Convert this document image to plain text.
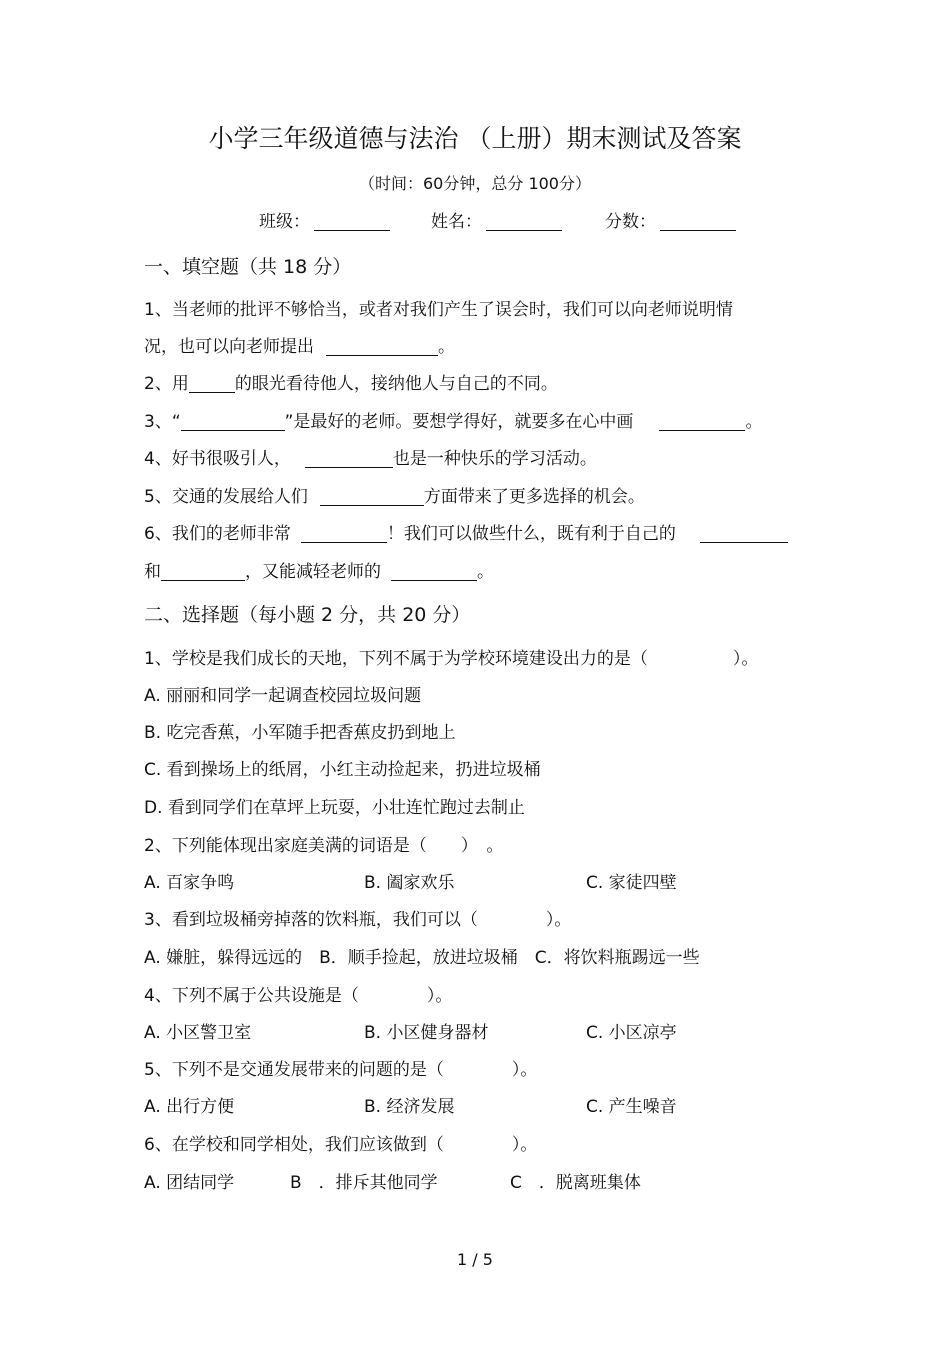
小学三年级道德与法治 （上册）期末测试及答案
（时间：60分钟，总分 100分）
班级：	姓名：	分数：
一、填空题（共 18 分）
1、当老师的批评不够恰当，或者对我们产生了误会时，我们可以向老师说明情
况，也可以向老师提出	。
2、用	的眼光看待他人，接纳他人与自己的不同。
3、“	”是最好的老师。要想学得好，就要多在心中画	。
4、好书很吸引人，	也是一种快乐的学习活动。
5、交通的发展给人们	方面带来了更多选择的机会。
6、我们的老师非常	！我们可以做些什么，既有利于自己的
和	，又能减轻老师的	。
二、选择题（每小题 2 分，共 20 分）
1、学校是我们成长的天地，下列不属于为学校环境建设出力的是（　　　　　）。
A. 丽丽和同学一起调查校园垃圾问题
B. 吃完香蕉，小军随手把香蕉皮扔到地上
C. 看到操场上的纸屑，小红主动捡起来，扔进垃圾桶
D. 看到同学们在草坪上玩耍，小壮连忙跑过去制止
2、下列能体现出家庭美满的词语是（　　）　。
A. 百家争鸣	B. 阖家欢乐	C. 家徒四壁
3、看到垃圾桶旁掉落的饮料瓶，我们可以（　　　　）。
A. 嫌脏，躲得远远的　B．顺手捡起，放进垃圾桶　C．将饮料瓶踢远一些
4、下列不属于公共设施是（　　　　）。
A. 小区警卫室	B. 小区健身器材	C. 小区凉亭
5、下列不是交通发展带来的问题的是（　　　　）。
A. 出行方便	B. 经济发展	C. 产生噪音
6、在学校和同学相处，我们应该做到（　　　　）。
A. 团结同学	B　．排斥其他同学	C　．脱离班集体
1 / 5
